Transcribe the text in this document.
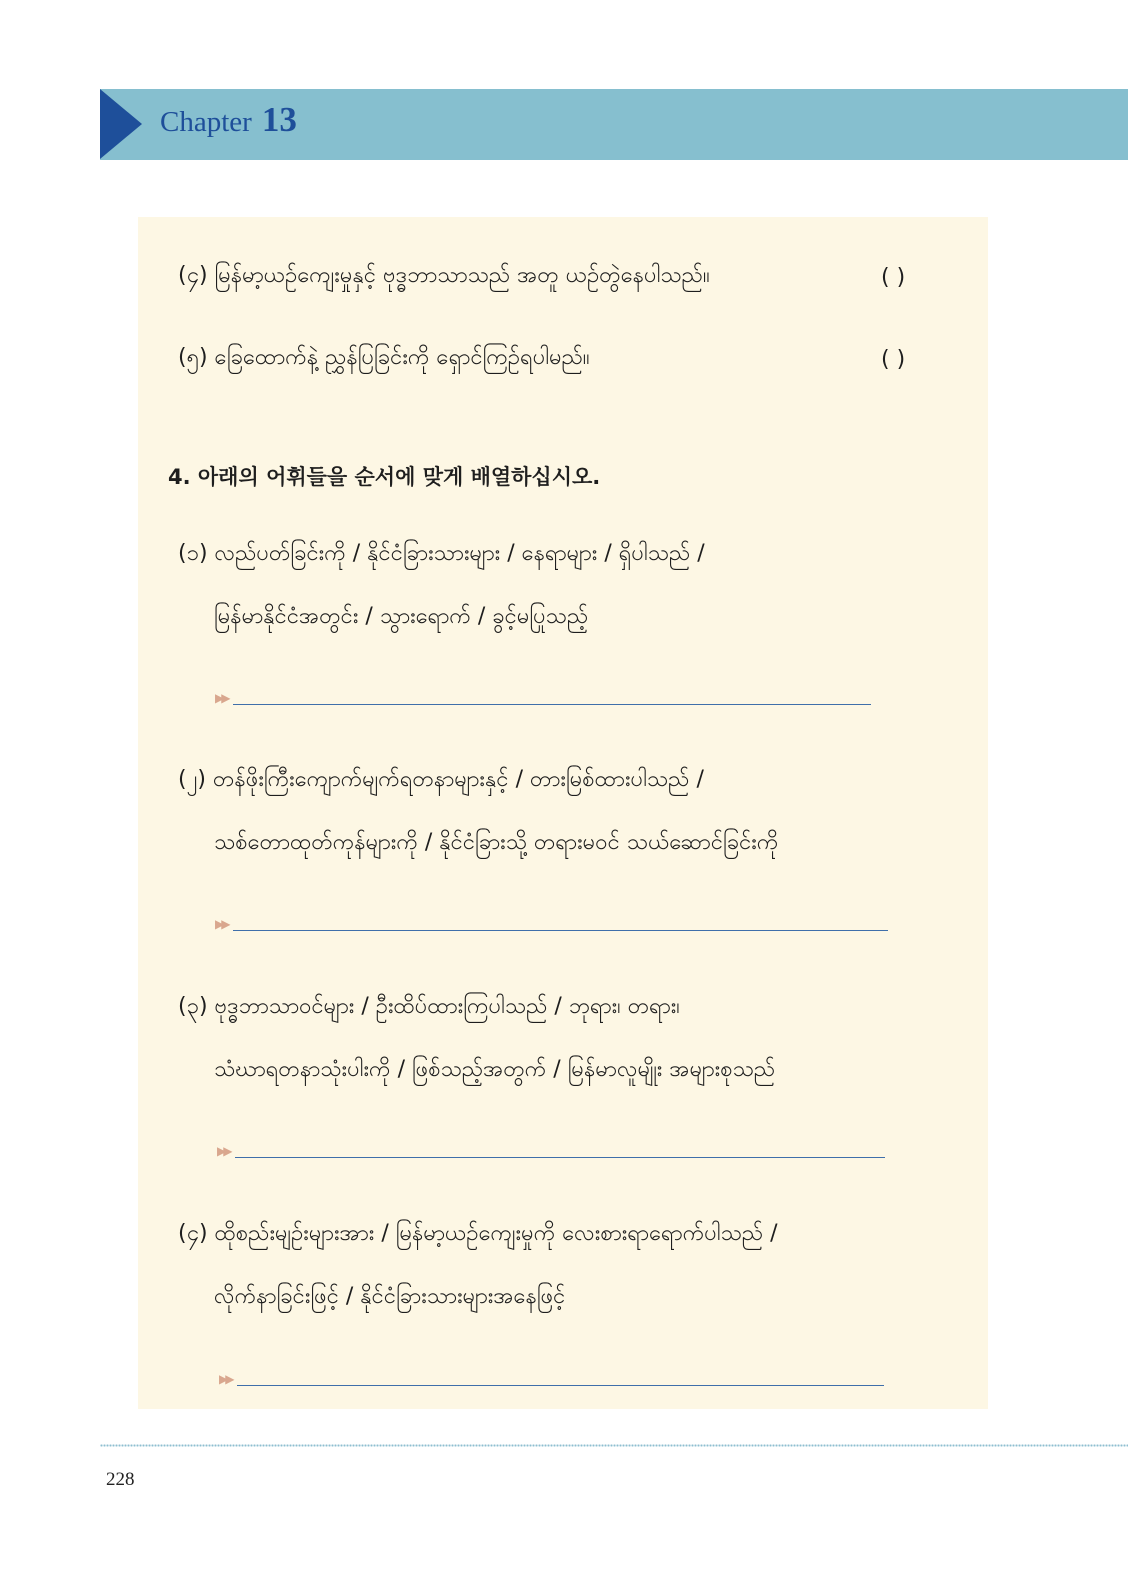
Chapter 13
(၄) မြန်မာ့ယဉ်ကျေးမှုနှင့် ဗုဒ္ဓဘာသာသည် အတူ ယဉ်တွဲနေပါသည်။	( )
(၅) ခြေထောက်နဲ့ ညွှန်ပြခြင်းကို ရှောင်ကြဉ်ရပါမည်။	( )
4. 아래의 어휘들을 순서에 맞게 배열하십시오.
(၁) လည်ပတ်ခြင်းကို / နိုင်ငံခြားသားများ / နေရာများ / ရှိပါသည် /
မြန်မာနိုင်ငံအတွင်း / သွားရောက် / ခွင့်မပြုသည့်
▶▶
(၂) တန်ဖိုးကြီးကျောက်မျက်ရတနာများနှင့် / တားမြစ်ထားပါသည် /
သစ်တောထုတ်ကုန်များကို / နိုင်ငံခြားသို့ တရားမဝင် သယ်ဆောင်ခြင်းကို
▶▶
(၃) ဗုဒ္ဓဘာသာဝင်များ / ဦးထိပ်ထားကြပါသည် / ဘုရား၊ တရား၊
သံဃာရတနာသုံးပါးကို / ဖြစ်သည့်အတွက် / မြန်မာလူမျိုး အများစုသည်
▶▶
(၄) ထိုစည်းမျဉ်းများအား / မြန်မာ့ယဉ်ကျေးမှုကို လေးစားရာရောက်ပါသည် /
လိုက်နာခြင်းဖြင့် / နိုင်ငံခြားသားများအနေဖြင့်
▶▶
228
